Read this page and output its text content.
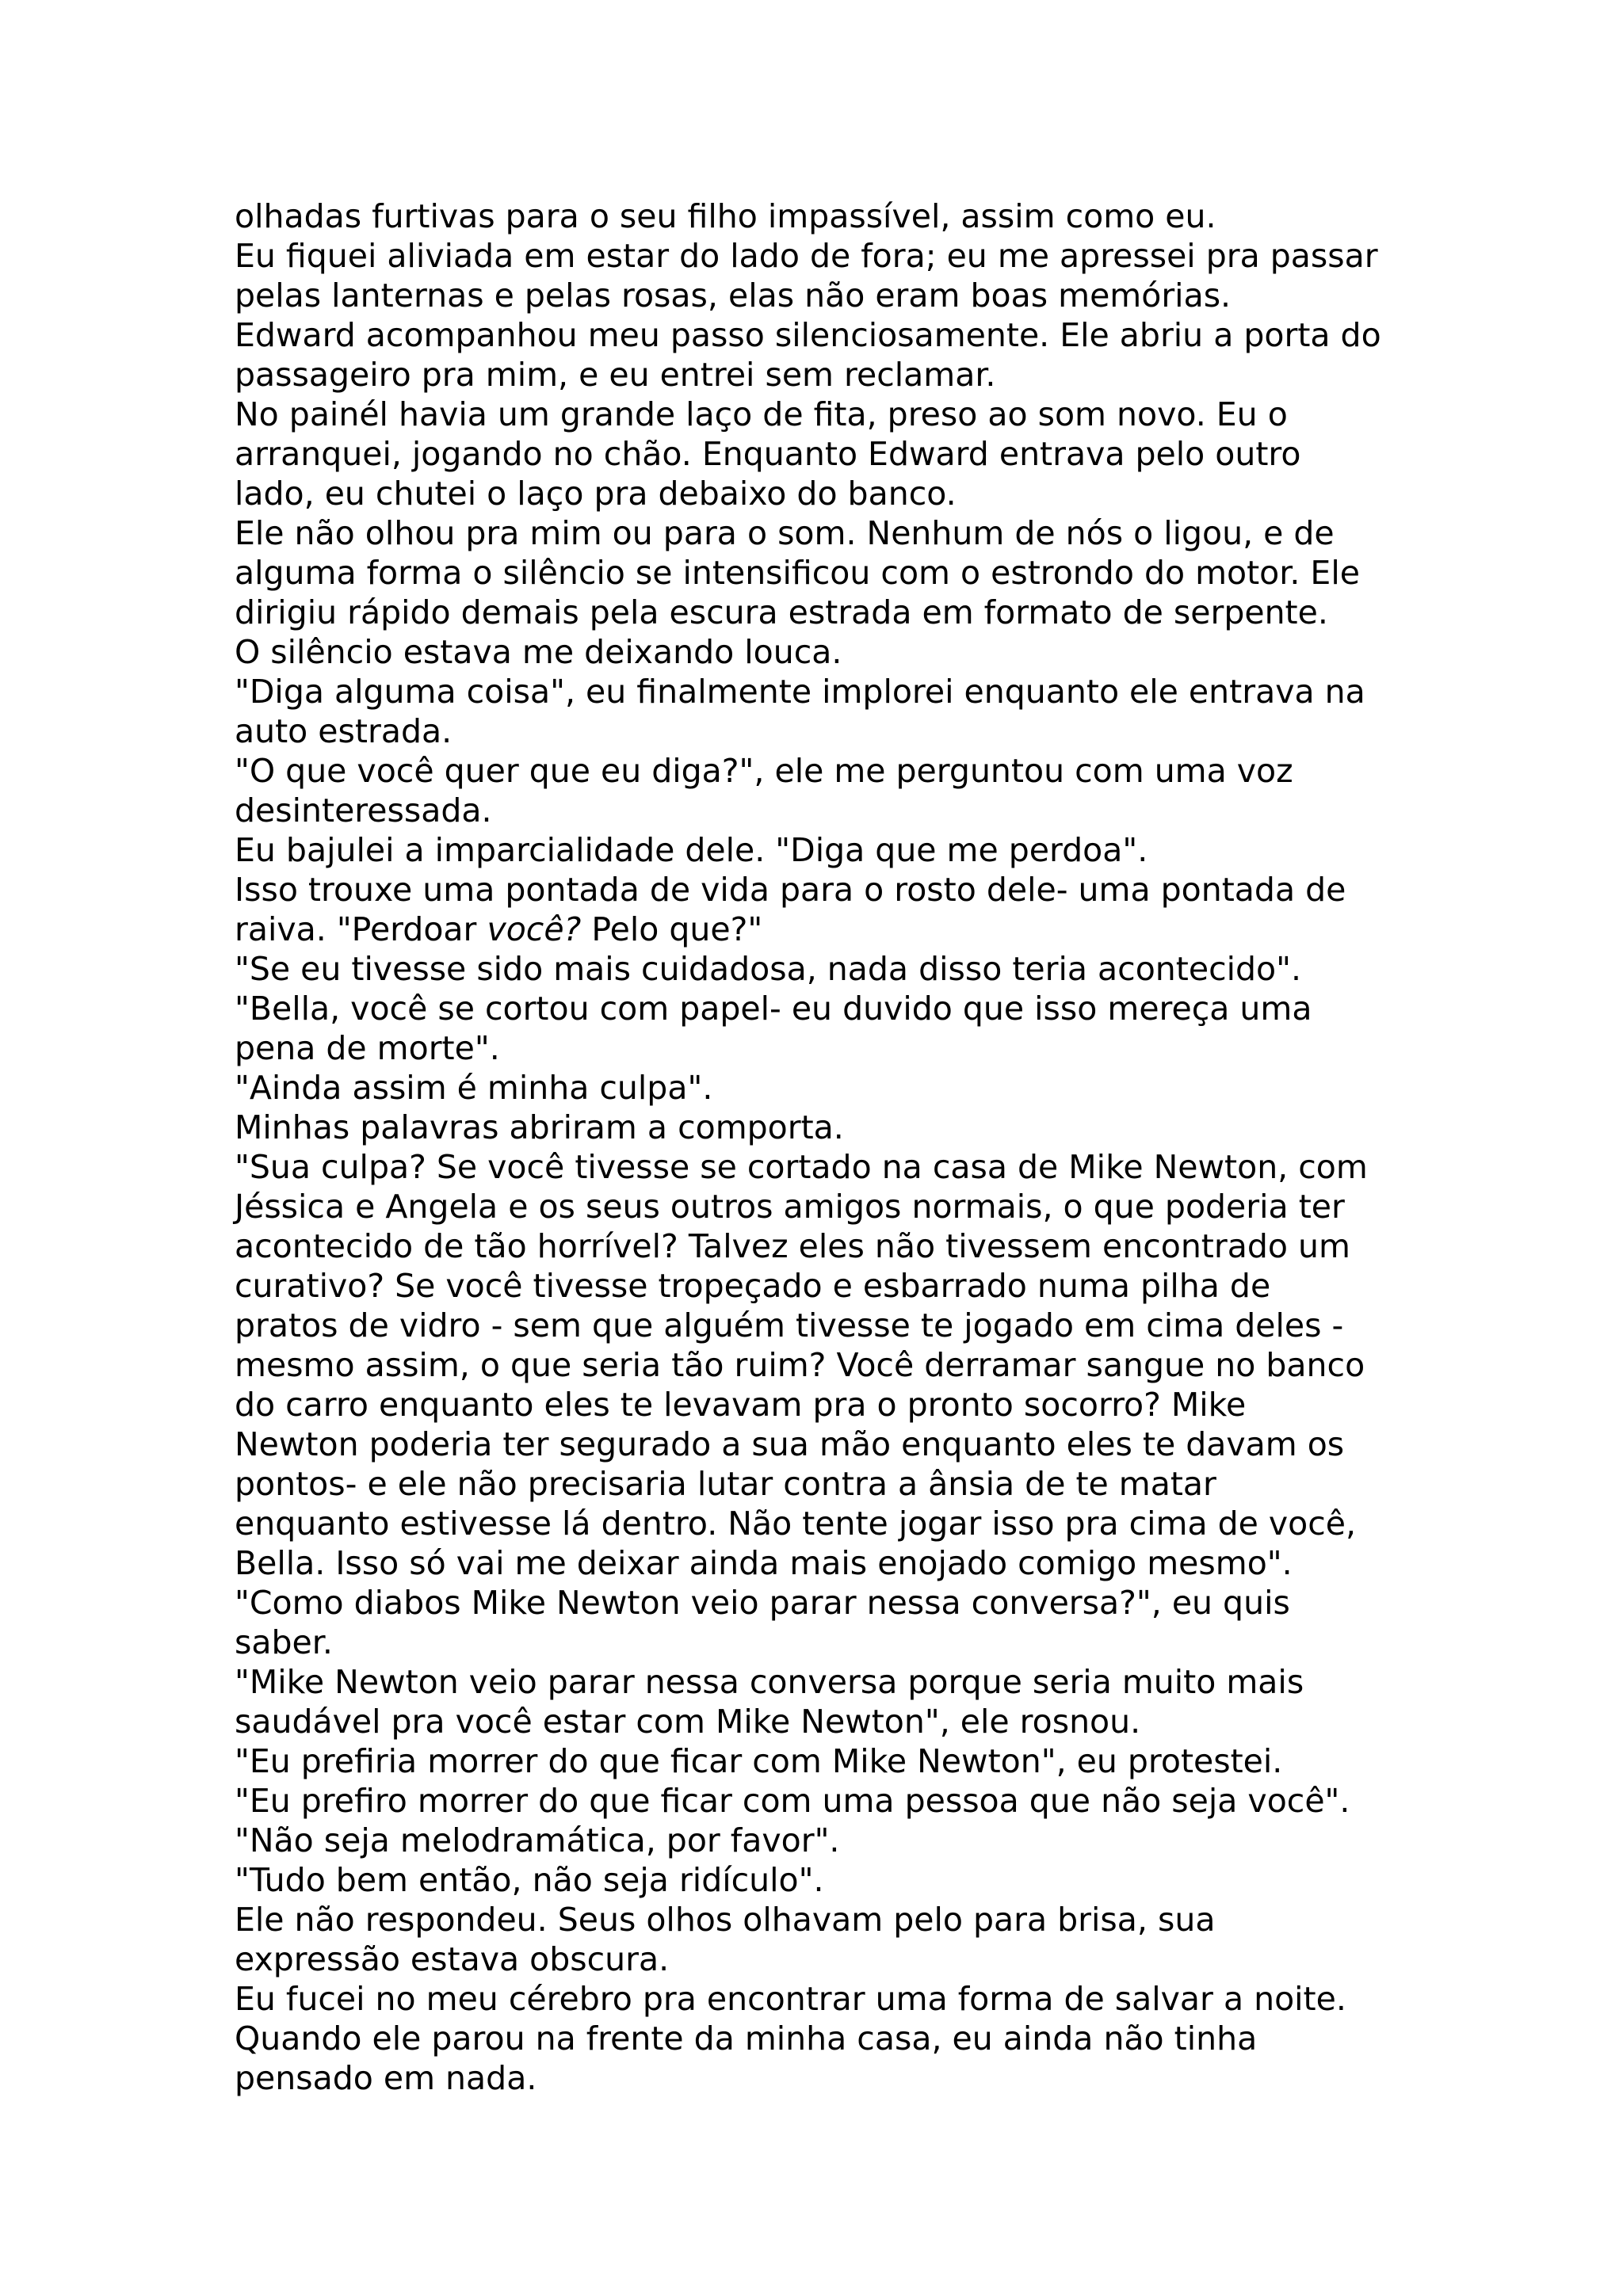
olhadas furtivas para o seu filho impassível, assim como eu.
Eu fiquei aliviada em estar do lado de fora; eu me apressei pra passar
pelas lanternas e pelas rosas, elas não eram boas memórias.
Edward acompanhou meu passo silenciosamente. Ele abriu a porta do
passageiro pra mim, e eu entrei sem reclamar.
No painél havia um grande laço de fita, preso ao som novo. Eu o
arranquei, jogando no chão. Enquanto Edward entrava pelo outro
lado, eu chutei o laço pra debaixo do banco.
Ele não olhou pra mim ou para o som. Nenhum de nós o ligou, e de
alguma forma o silêncio se intensificou com o estrondo do motor. Ele
dirigiu rápido demais pela escura estrada em formato de serpente.
O silêncio estava me deixando louca.
"Diga alguma coisa", eu finalmente implorei enquanto ele entrava na
auto estrada.
"O que você quer que eu diga?", ele me perguntou com uma voz
desinteressada.
Eu bajulei a imparcialidade dele. "Diga que me perdoa".
Isso trouxe uma pontada de vida para o rosto dele- uma pontada de
raiva. "Perdoar você? Pelo que?"
"Se eu tivesse sido mais cuidadosa, nada disso teria acontecido".
"Bella, você se cortou com papel- eu duvido que isso mereça uma
pena de morte".
"Ainda assim é minha culpa".
Minhas palavras abriram a comporta.
"Sua culpa? Se você tivesse se cortado na casa de Mike Newton, com
Jéssica e Angela e os seus outros amigos normais, o que poderia ter
acontecido de tão horrível? Talvez eles não tivessem encontrado um
curativo? Se você tivesse tropeçado e esbarrado numa pilha de
pratos de vidro - sem que alguém tivesse te jogado em cima deles -
mesmo assim, o que seria tão ruim? Você derramar sangue no banco
do carro enquanto eles te levavam pra o pronto socorro? Mike
Newton poderia ter segurado a sua mão enquanto eles te davam os
pontos- e ele não precisaria lutar contra a ânsia de te matar
enquanto estivesse lá dentro. Não tente jogar isso pra cima de você,
Bella. Isso só vai me deixar ainda mais enojado comigo mesmo".
"Como diabos Mike Newton veio parar nessa conversa?", eu quis
saber.
"Mike Newton veio parar nessa conversa porque seria muito mais
saudável pra você estar com Mike Newton", ele rosnou.
"Eu prefiria morrer do que ficar com Mike Newton", eu protestei.
"Eu prefiro morrer do que ficar com uma pessoa que não seja você".
"Não seja melodramática, por favor".
"Tudo bem então, não seja ridículo".
Ele não respondeu. Seus olhos olhavam pelo para brisa, sua
expressão estava obscura.
Eu fucei no meu cérebro pra encontrar uma forma de salvar a noite.
Quando ele parou na frente da minha casa, eu ainda não tinha
pensado em nada.
